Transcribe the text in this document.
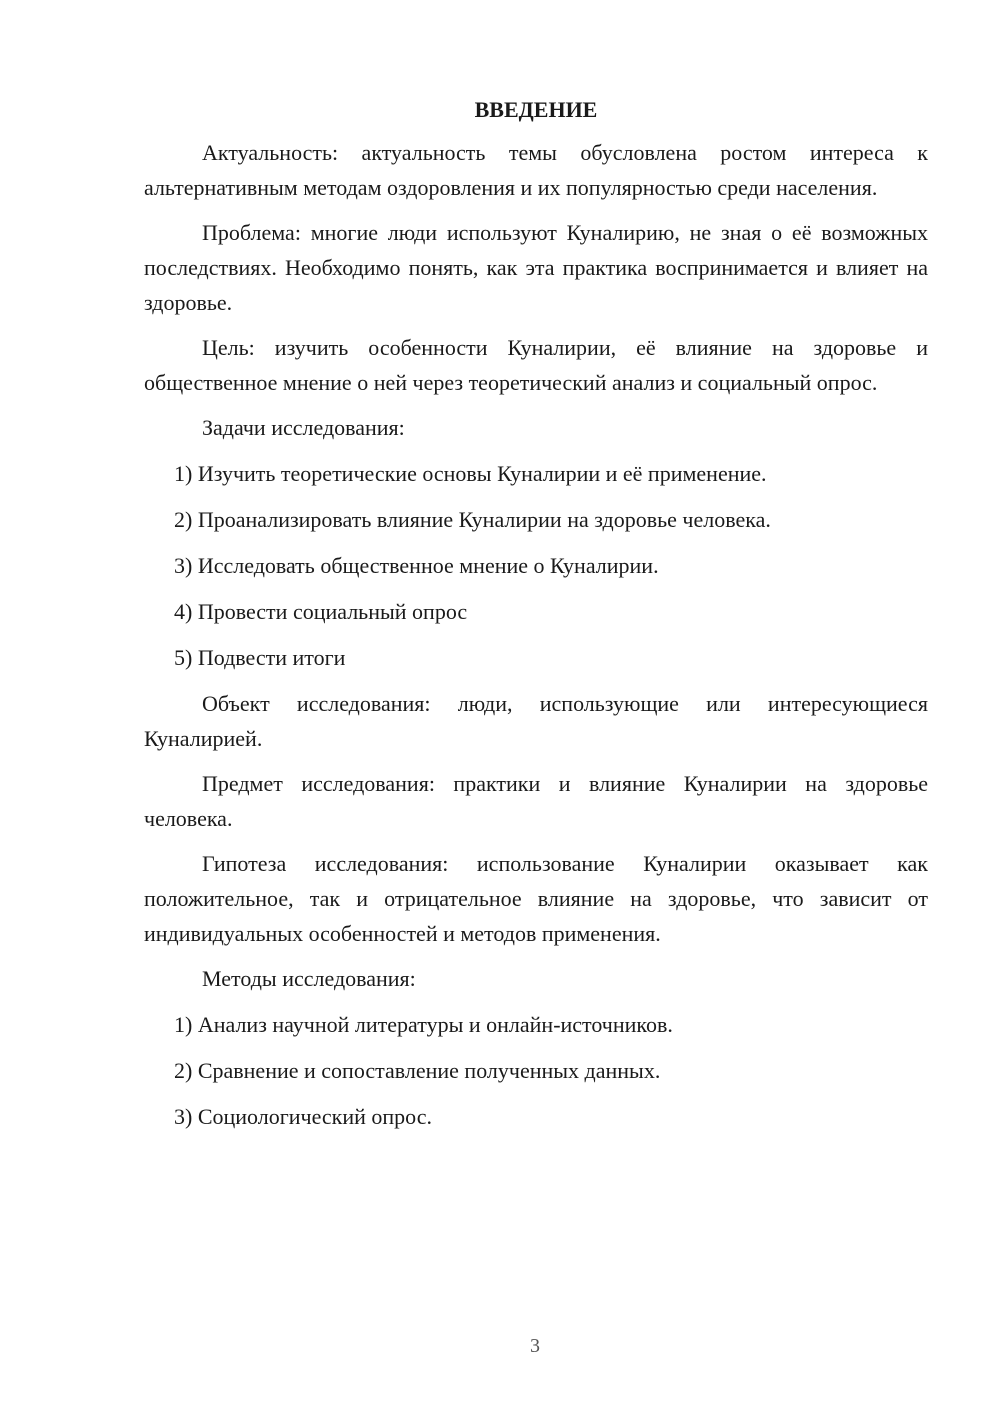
ВВЕДЕНИЕ

Актуальность: актуальность темы обусловлена ростом интереса к альтернативным методам оздоровления и их популярностью среди населения.

Проблема: многие люди используют Куналирию, не зная о её возможных последствиях. Необходимо понять, как эта практика воспринимается и влияет на здоровье.

Цель: изучить особенности Куналирии, её влияние на здоровье и общественное мнение о ней через теоретический анализ и социальный опрос.

Задачи исследования:

1) Изучить теоретические основы Куналирии и её применение.
2) Проанализировать влияние Куналирии на здоровье человека.
3) Исследовать общественное мнение о Куналирии.
4) Провести социальный опрос
5) Подвести итоги

Объект исследования: люди, использующие или интересующиеся Куналирией.

Предмет исследования: практики и влияние Куналирии на здоровье человека.

Гипотеза исследования: использование Куналирии оказывает как положительное, так и отрицательное влияние на здоровье, что зависит от индивидуальных особенностей и методов применения.

Методы исследования:

1) Анализ научной литературы и онлайн-источников.
2) Сравнение и сопоставление полученных данных.
3) Социологический опрос.
3
